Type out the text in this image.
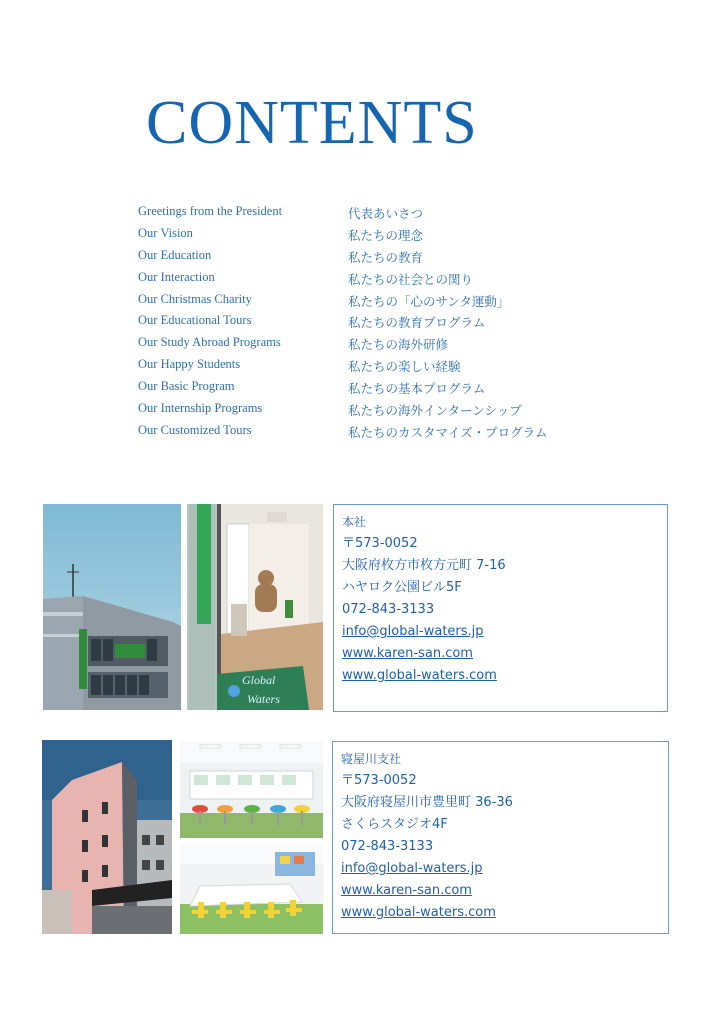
CONTENTS
Greetings from the President	代表あいさつ
Our Vision	私たちの理念
Our Education	私たちの教育
Our Interaction	私たちの社会との関り
Our Christmas Charity	私たちの「心のサンタ運動」
Our Educational Tours	私たちの教育プログラム
Our Study Abroad Programs	私たちの海外研修
Our Happy Students	私たちの楽しい経験
Our Basic Program	私たちの基本プログラム
Our Internship Programs	私たちの海外インターンシップ
Our Customized Tours	私たちのカスタマイズ・プログラム
Global
Waters
本社
〒573-0052
大阪府枚方市枚方元町 7-16
ハヤロク公園ビル5F
072-843-3133
info@global-waters.jp
www.karen-san.com
www.global-waters.com
寝屋川支社
〒573-0052
大阪府寝屋川市豊里町 36-36
さくらスタジオ4F
072-843-3133
info@global-waters.jp
www.karen-san.com
www.global-waters.com
